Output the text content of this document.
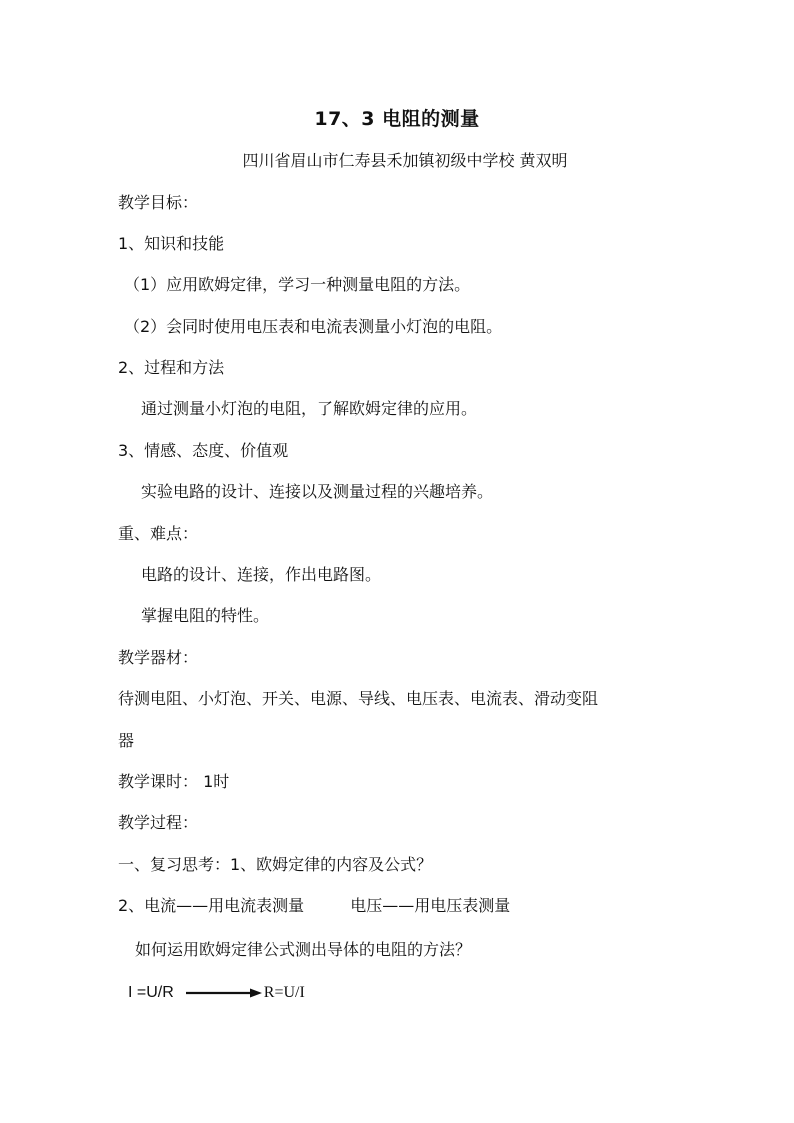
17、3 电阻的测量
四川省眉山市仁寿县禾加镇初级中学校 黄双明
教学目标：
1、知识和技能
（1）应用欧姆定律，学习一种测量电阻的方法。
（2）会同时使用电压表和电流表测量小灯泡的电阻。
2、过程和方法
通过测量小灯泡的电阻，了解欧姆定律的应用。
3、情感、态度、价值观
实验电路的设计、连接以及测量过程的兴趣培养。
重、难点：
电路的设计、连接，作出电路图。
掌握电阻的特性。
教学器材：
待测电阻、小灯泡、开关、电源、导线、电压表、电流表、滑动变阻
器
教学课时： 1时
教学过程：
一、复习思考：1、欧姆定律的内容及公式？
2、电流——用电流表测量	电压——用电压表测量
如何运用欧姆定律公式测出导体的电阻的方法？
I =U/R	R=U/I
